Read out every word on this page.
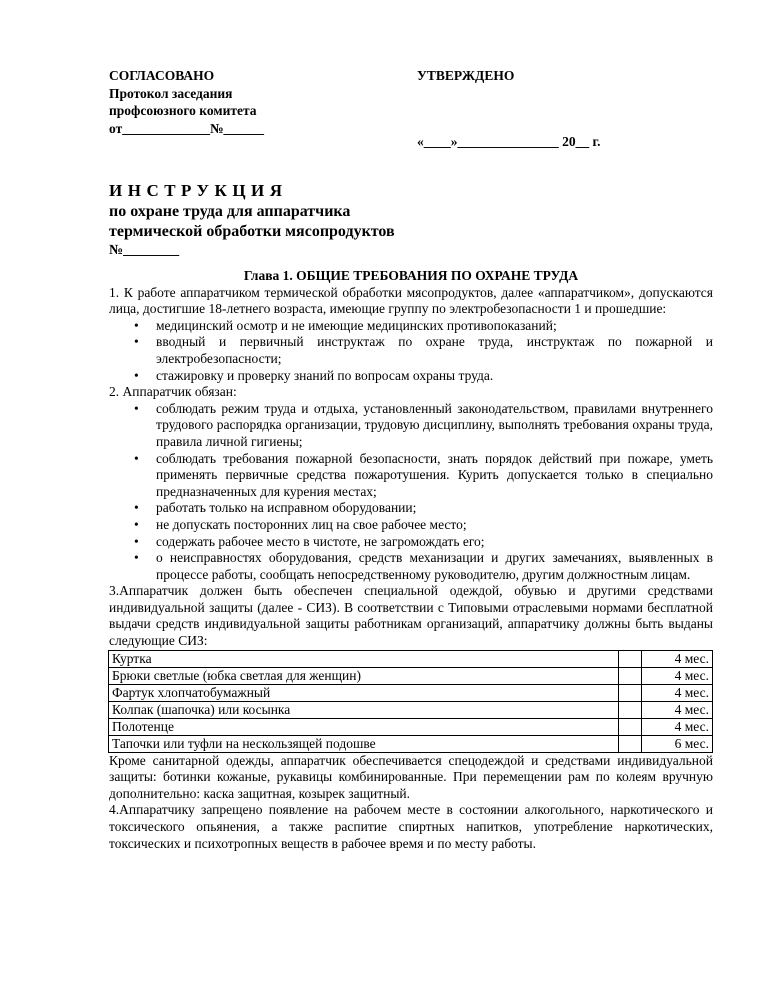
СОГЛАСОВАНО
Протокол заседания
профсоюзного комитета
от_____________№______
УТВЕРЖДЕНО
«____»_______________ 20__ г.
ИНСТРУКЦИЯ
по охране труда для аппаратчика
термической обработки мясопродуктов
№________
Глава 1. ОБЩИЕ ТРЕБОВАНИЯ ПО ОХРАНЕ ТРУДА
1. К работе аппаратчиком термической обработки мясопродуктов, далее «аппаратчиком», допускаются лица, достигшие 18-летнего возраста, имеющие группу по электробезопасности 1 и прошедшие:
• медицинский осмотр и не имеющие медицинских противопоказаний;
• вводный и первичный инструктаж по охране труда, инструктаж по пожарной и электробезопасности;
• стажировку и проверку знаний по вопросам охраны труда.
2. Аппаратчик обязан:
• соблюдать режим труда и отдыха, установленный законодательством, правилами внутреннего трудового распорядка организации, трудовую дисциплину, выполнять требования охраны труда, правила личной гигиены;
• соблюдать требования пожарной безопасности, знать порядок действий при пожаре, уметь применять первичные средства пожаротушения. Курить допускается только в специально предназначенных для курения местах;
• работать только на исправном оборудовании;
• не допускать посторонних лиц на свое рабочее место;
• содержать рабочее место в чистоте, не загромождать его;
• о неисправностях оборудования, средств механизации и других замечаниях, выявленных в процессе работы, сообщать непосредственному руководителю, другим должностным лицам.
3.Аппаратчик должен быть обеспечен специальной одеждой, обувью и другими средствами индивидуальной защиты (далее - СИЗ). В соответствии с Типовыми отраслевыми нормами бесплатной выдачи средств индивидуальной защиты работникам организаций, аппаратчику должны быть выданы следующие СИЗ:
Куртка		4 мес.
Брюки светлые (юбка светлая для женщин)		4 мес.
Фартук хлопчатобумажный		4 мес.
Колпак (шапочка) или косынка		4 мес.
Полотенце		4 мес.
Тапочки или туфли на нескользящей подошве		6 мес.
Кроме санитарной одежды, аппаратчик обеспечивается спецодеждой и средствами индивидуальной защиты: ботинки кожаные, рукавицы комбинированные. При перемещении рам по колеям вручную дополнительно: каска защитная, козырек защитный.
4.Аппаратчику запрещено появление на рабочем месте в состоянии алкогольного, наркотического и токсического опьянения, а также распитие спиртных напитков, употребление наркотических, токсических и психотропных веществ в рабочее время и по месту работы.
